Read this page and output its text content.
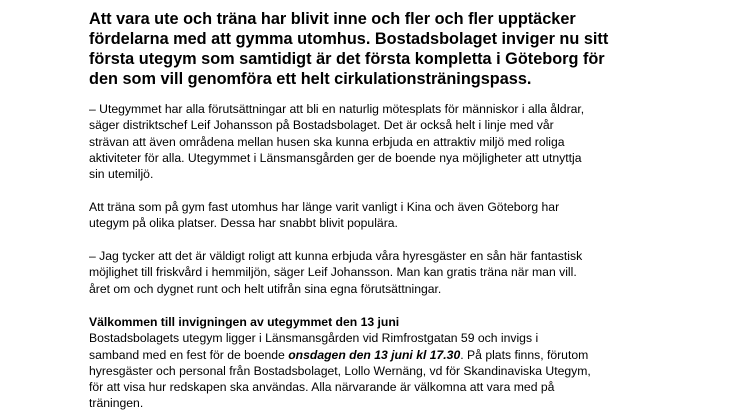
Att vara ute och träna har blivit inne och fler och fler upptäcker
fördelarna med att gymma utomhus. Bostadsbolaget inviger nu sitt
första utegym som samtidigt är det första kompletta i Göteborg för
den som vill genomföra ett helt cirkulationsträningspass.
– Utegymmet har alla förutsättningar att bli en naturlig mötesplats för människor i alla åldrar,
säger distriktschef Leif Johansson på Bostadsbolaget. Det är också helt i linje med vår
strävan att även områdena mellan husen ska kunna erbjuda en attraktiv miljö med roliga
aktiviteter för alla. Utegymmet i Länsmansgården ger de boende nya möjligheter att utnyttja
sin utemiljö.
Att träna som på gym fast utomhus har länge varit vanligt i Kina och även Göteborg har
utegym på olika platser. Dessa har snabbt blivit populära.
– Jag tycker att det är väldigt roligt att kunna erbjuda våra hyresgäster en sån här fantastisk
möjlighet till friskvård i hemmiljön, säger Leif Johansson. Man kan gratis träna när man vill.
året om och dygnet runt och helt utifrån sina egna förutsättningar.
Välkommen till invigningen av utegymmet den 13 juni
Bostadsbolagets utegym ligger i Länsmansgården vid Rimfrostgatan 59 och invigs i
samband med en fest för de boende onsdagen den 13 juni kl 17.30. På plats finns, förutom
hyresgäster och personal från Bostadsbolaget, Lollo Wernäng, vd för Skandinaviska Utegym,
för att visa hur redskapen ska användas. Alla närvarande är välkomna att vara med på
träningen.
